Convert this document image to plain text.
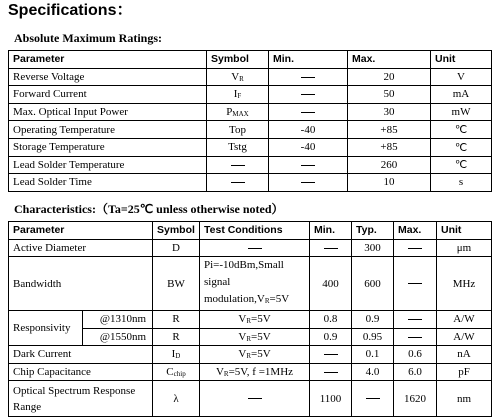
Specifications：
Absolute Maximum Ratings:
Parameter	Symbol	Min.	Max.	Unit
Reverse Voltage	$V_R$		20	V
Forward Current	$I_F$		50	mA
Max. Optical Input Power	$P_{MAX}$		30	mW
Operating Temperature	Top	-40	+85	℃
Storage Temperature	Tstg	-40	+85	℃
Lead Solder Temperature			260	℃
Lead Solder Time			10	s
Characteristics:（Ta=25℃ unless otherwise noted）
Parameter		Symbol	Test Conditions	Min.	Typ.	Max.	Unit
Active Diameter		D			300		μm
Bandwidth		BW	Pi=-10dBm,Small signal $modulation,V_R=5V$	400	600		MHz
Responsivity	@1310nm	R	$V_R=5V$	0.8	0.9		A/W
	@1550nm	R	$V_R=5V$	0.9	0.95		A/W
Dark Current		$I_D$	$V_R=5V$		0.1	0.6	nA
Chip Capacitance		$C_{chip}$	$V_R=5V$, f =1MHz		4.0	6.0	pF
Optical Spectrum Response Range		λ		1100		1620	nm
